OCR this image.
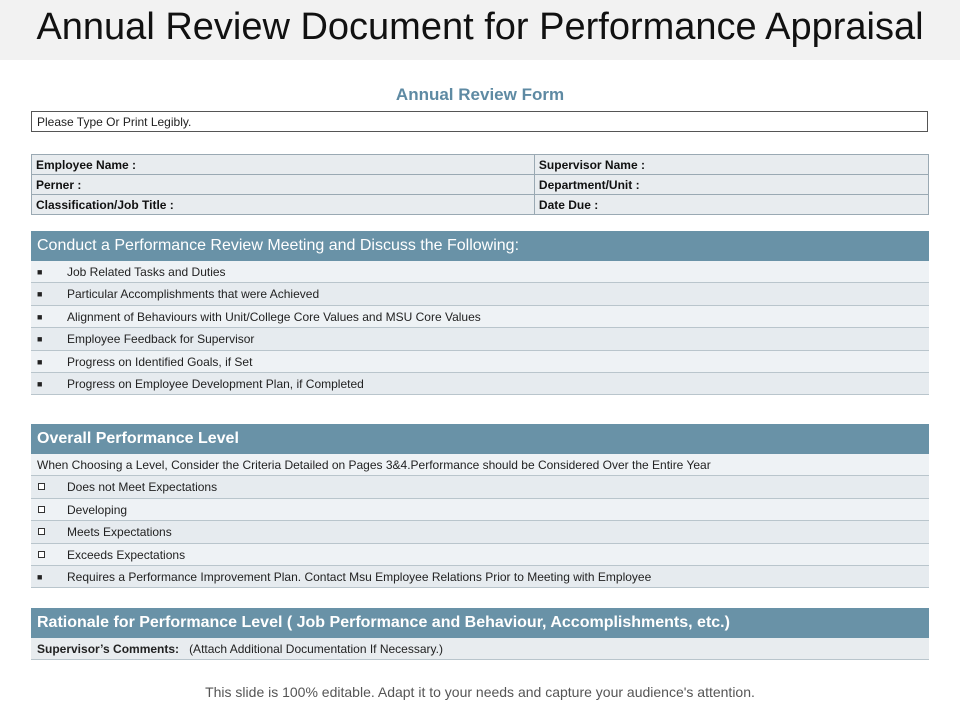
Annual Review Document for Performance Appraisal
Annual Review Form
Please Type Or Print Legibly.
Employee Name :	Supervisor Name :
Perner :	Department/Unit :
Classification/Job Title :	Date Due :
Conduct a Performance Review Meeting and Discuss the Following:
■	Job Related Tasks and Duties
■	Particular Accomplishments that were Achieved
■	Alignment of Behaviours with Unit/College Core Values and MSU Core Values
■	Employee Feedback for Supervisor
■	Progress on Identified Goals, if Set
■	Progress on Employee Development Plan, if Completed
Overall Performance Level
When Choosing a Level, Consider the Criteria Detailed on Pages 3&4.Performance should be Considered Over the Entire Year
Does not Meet Expectations
Developing
Meets Expectations
Exceeds Expectations
■	Requires a Performance Improvement Plan. Contact Msu Employee Relations Prior to Meeting with Employee
Rationale for Performance Level ( Job Performance and Behaviour, Accomplishments, etc.)
Supervisor’s Comments: (Attach Additional Documentation If Necessary.)
This slide is 100% editable. Adapt it to your needs and capture your audience's attention.
